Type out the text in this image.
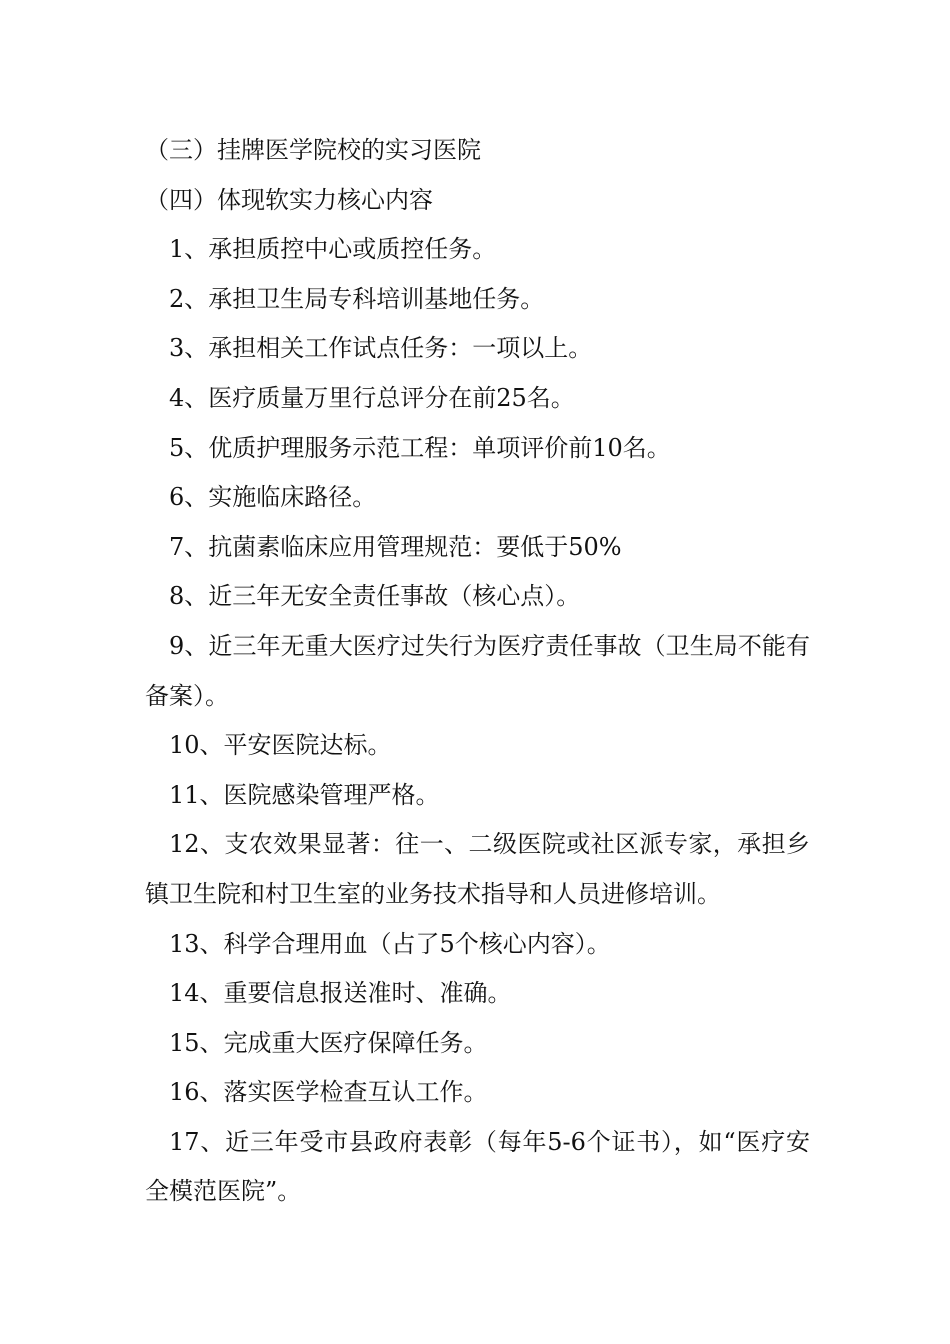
（三）挂牌医学院校的实习医院

（四）体现软实力核心内容

1、承担质控中心或质控任务。

2、承担卫生局专科培训基地任务。

3、承担相关工作试点任务：一项以上。

4、医疗质量万里行总评分在前25名。

5、优质护理服务示范工程：单项评价前10名。

6、实施临床路径。

7、抗菌素临床应用管理规范：要低于50%

8、近三年无安全责任事故（核心点）。

9、近三年无重大医疗过失行为医疗责任事故（卫生局不能有备案）。

10、平安医院达标。

11、医院感染管理严格。

12、支农效果显著：往一、二级医院或社区派专家，承担乡镇卫生院和村卫生室的业务技术指导和人员进修培训。

13、科学合理用血（占了5个核心内容）。

14、重要信息报送准时、准确。

15、完成重大医疗保障任务。

16、落实医学检查互认工作。

17、近三年受市县政府表彰（每年5-6个证书），如“医疗安全模范医院”。
